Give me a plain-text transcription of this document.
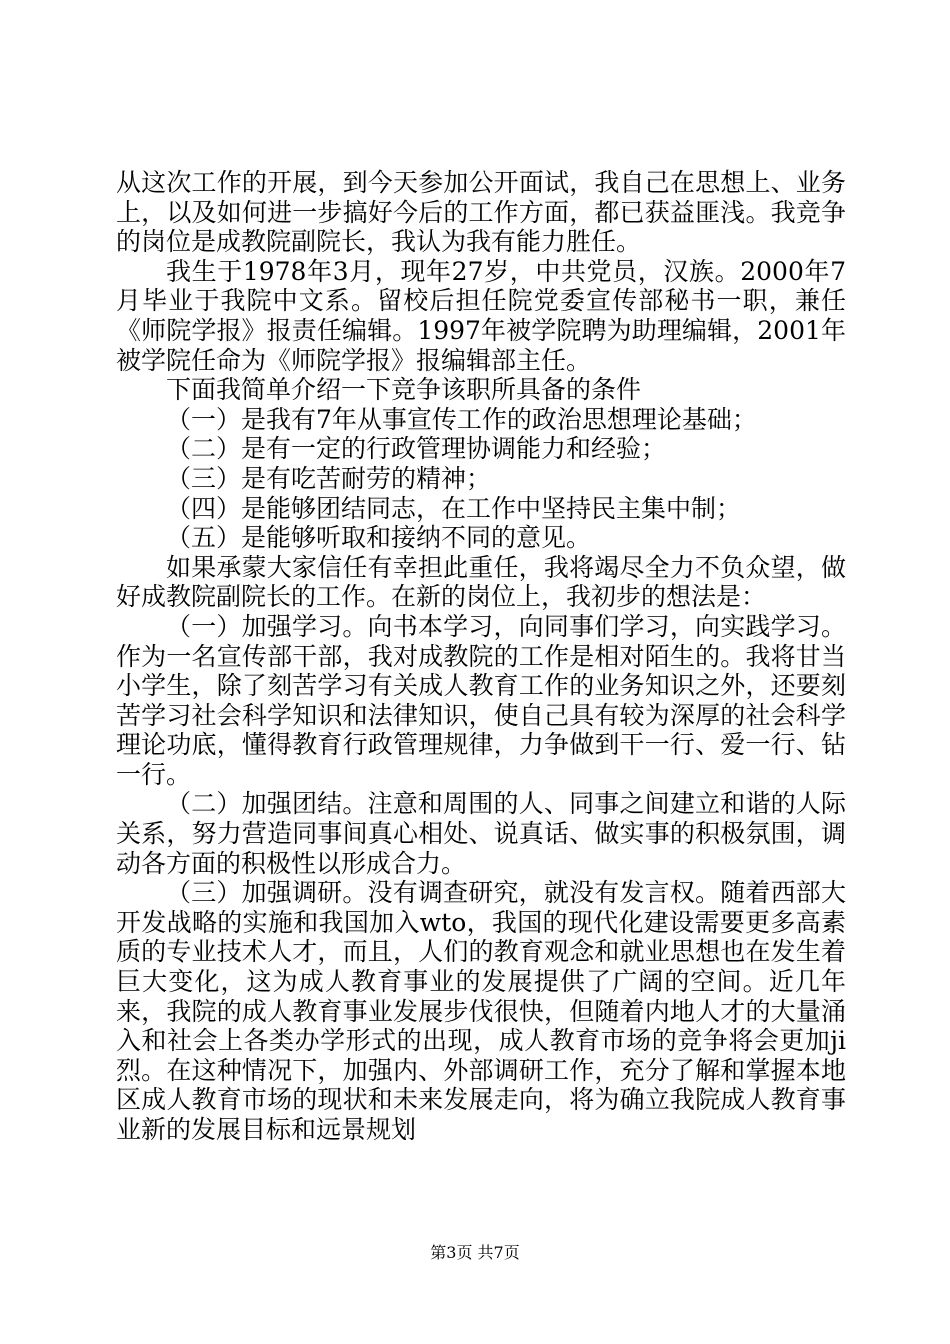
从这次工作的开展，到今天参加公开面试，我自己在思想上、业务上，以及如何进一步搞好今后的工作方面，都已获益匪浅。我竞争的岗位是成教院副院长，我认为我有能力胜任。

我生于1978年3月，现年27岁，中共党员，汉族。2000年7月毕业于我院中文系。留校后担任院党委宣传部秘书一职，兼任《师院学报》报责任编辑。1997年被学院聘为助理编辑，2001年被学院任命为《师院学报》报编辑部主任。

下面我简单介绍一下竞争该职所具备的条件

（一）是我有7年从事宣传工作的政治思想理论基础；

（二）是有一定的行政管理协调能力和经验；

（三）是有吃苦耐劳的精神；

（四）是能够团结同志，在工作中坚持民主集中制；

（五）是能够听取和接纳不同的意见。

如果承蒙大家信任有幸担此重任，我将竭尽全力不负众望，做好成教院副院长的工作。在新的岗位上，我初步的想法是：

（一）加强学习。向书本学习，向同事们学习，向实践学习。作为一名宣传部干部，我对成教院的工作是相对陌生的。我将甘当小学生，除了刻苦学习有关成人教育工作的业务知识之外，还要刻苦学习社会科学知识和法律知识，使自己具有较为深厚的社会科学理论功底，懂得教育行政管理规律，力争做到干一行、爱一行、钻一行。

（二）加强团结。注意和周围的人、同事之间建立和谐的人际关系，努力营造同事间真心相处、说真话、做实事的积极氛围，调动各方面的积极性以形成合力。

（三）加强调研。没有调查研究，就没有发言权。随着西部大开发战略的实施和我国加入wto，我国的现代化建设需要更多高素质的专业技术人才，而且，人们的教育观念和就业思想也在发生着巨大变化，这为成人教育事业的发展提供了广阔的空间。近几年来，我院的成人教育事业发展步伐很快，但随着内地人才的大量涌入和社会上各类办学形式的出现，成人教育市场的竞争将会更加ji烈。在这种情况下，加强内、外部调研工作，充分了解和掌握本地区成人教育市场的现状和未来发展走向，将为确立我院成人教育事业新的发展目标和远景规划

第3页 共7页
